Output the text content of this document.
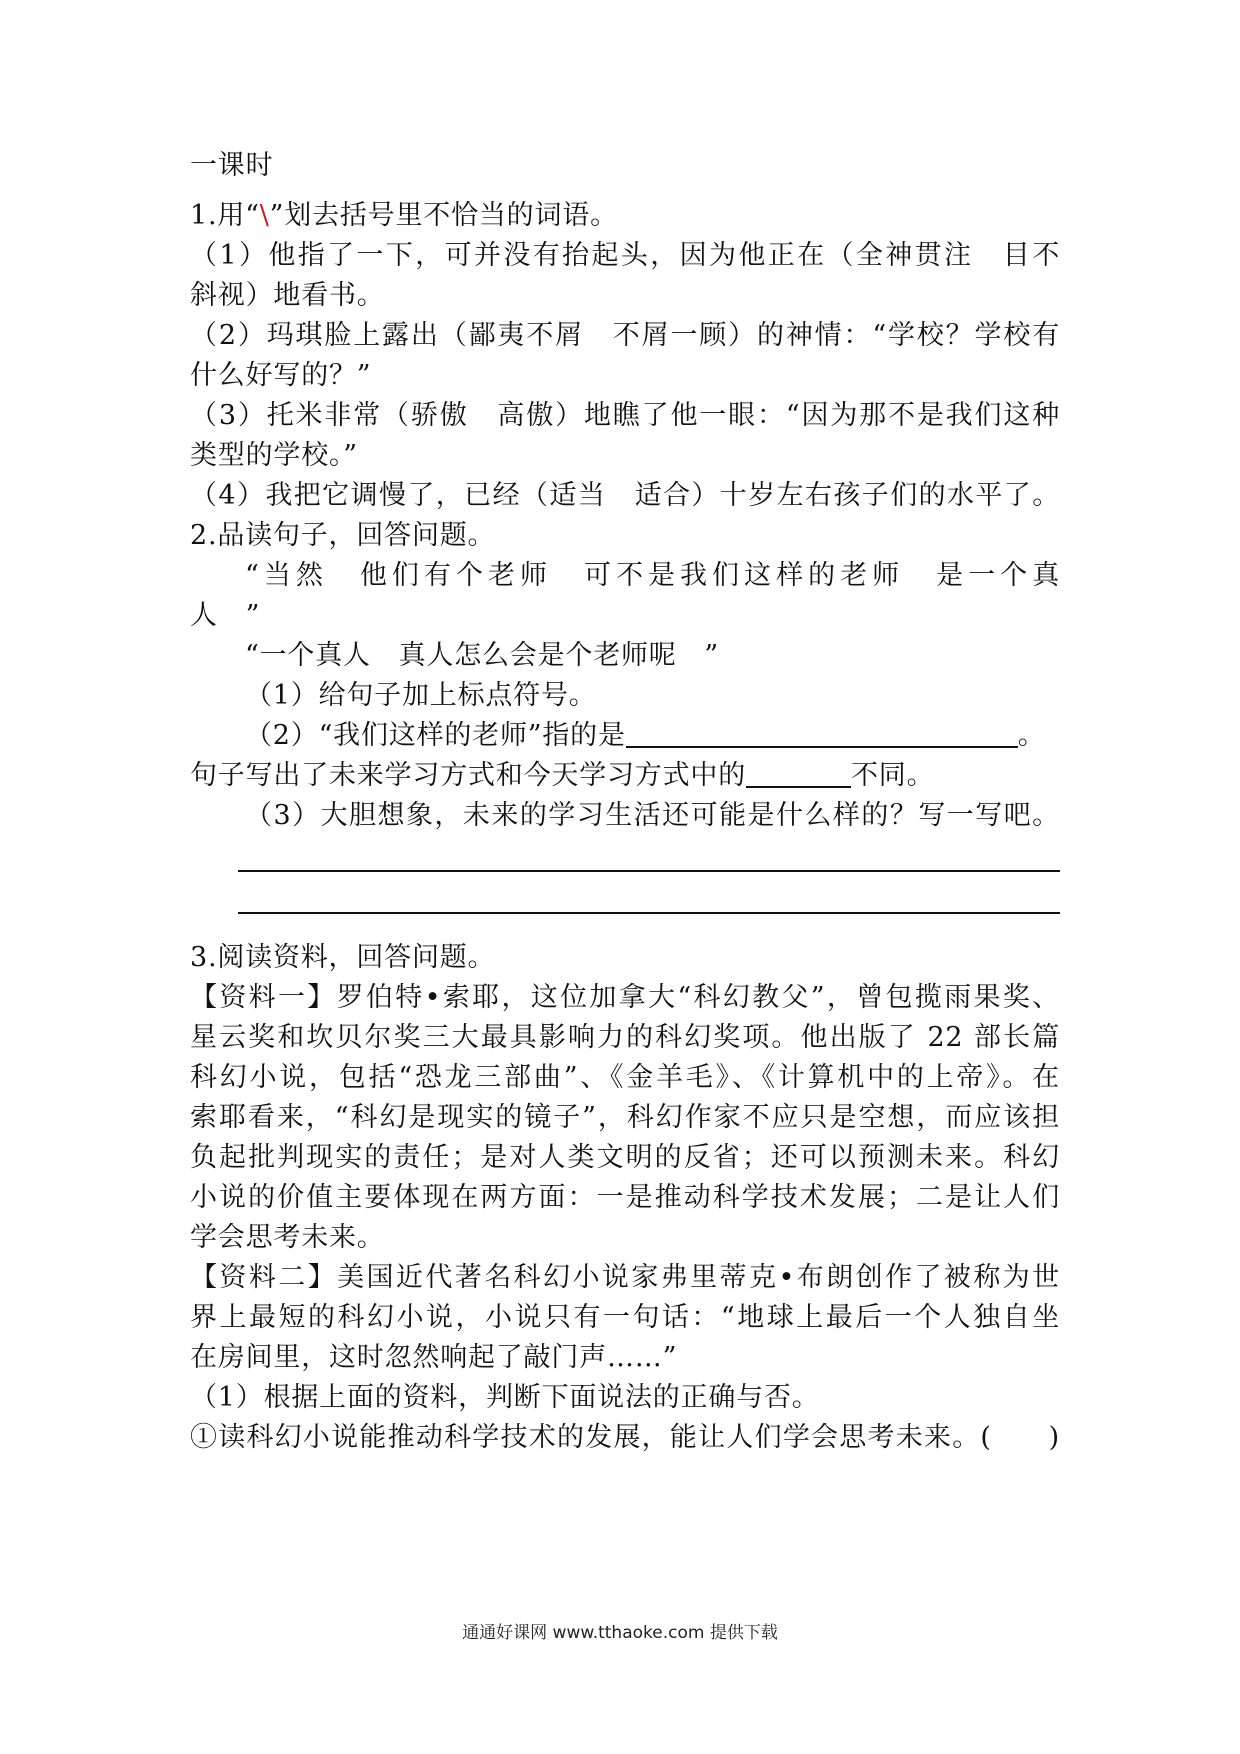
一课时
1.用“\”划去括号里不恰当的词语。
（1）他指了一下，可并没有抬起头，因为他正在（全神贯注　目不
斜视）地看书。
（2）玛琪脸上露出（鄙夷不屑　不屑一顾）的神情：“学校？学校有
什么好写的？”
（3）托米非常（骄傲　高傲）地瞧了他一眼：“因为那不是我们这种
类型的学校。”
（4）我把它调慢了，已经（适当　适合）十岁左右孩子们的水平了。
2.品读句子，回答问题。
“当然　他们有个老师　可不是我们这样的老师　是一个真
人　”
“一个真人　真人怎么会是个老师呢　”
（1）给句子加上标点符号。
（2）“我们这样的老师”指的是	。
句子写出了未来学习方式和今天学习方式中的	不同。
（3）大胆想象，未来的学习生活还可能是什么样的？写一写吧。
3.阅读资料，回答问题。
【资料一】罗伯特•索耶，这位加拿大“科幻教父”，曾包揽雨果奖、
星云奖和坎贝尔奖三大最具影响力的科幻奖项。他出版了 22 部长篇
科幻小说，包括“恐龙三部曲”、《金羊毛》、《计算机中的上帝》。在
索耶看来，“科幻是现实的镜子”，科幻作家不应只是空想，而应该担
负起批判现实的责任；是对人类文明的反省；还可以预测未来。科幻
小说的价值主要体现在两方面：一是推动科学技术发展；二是让人们
学会思考未来。
【资料二】美国近代著名科幻小说家弗里蒂克•布朗创作了被称为世
界上最短的科幻小说，小说只有一句话：“地球上最后一个人独自坐
在房间里，这时忽然响起了敲门声……”
（1）根据上面的资料，判断下面说法的正确与否。
①读科幻小说能推动科学技术的发展，能让人们学会思考未来。(　　)
通通好课网 www.tthaoke.com 提供下载
